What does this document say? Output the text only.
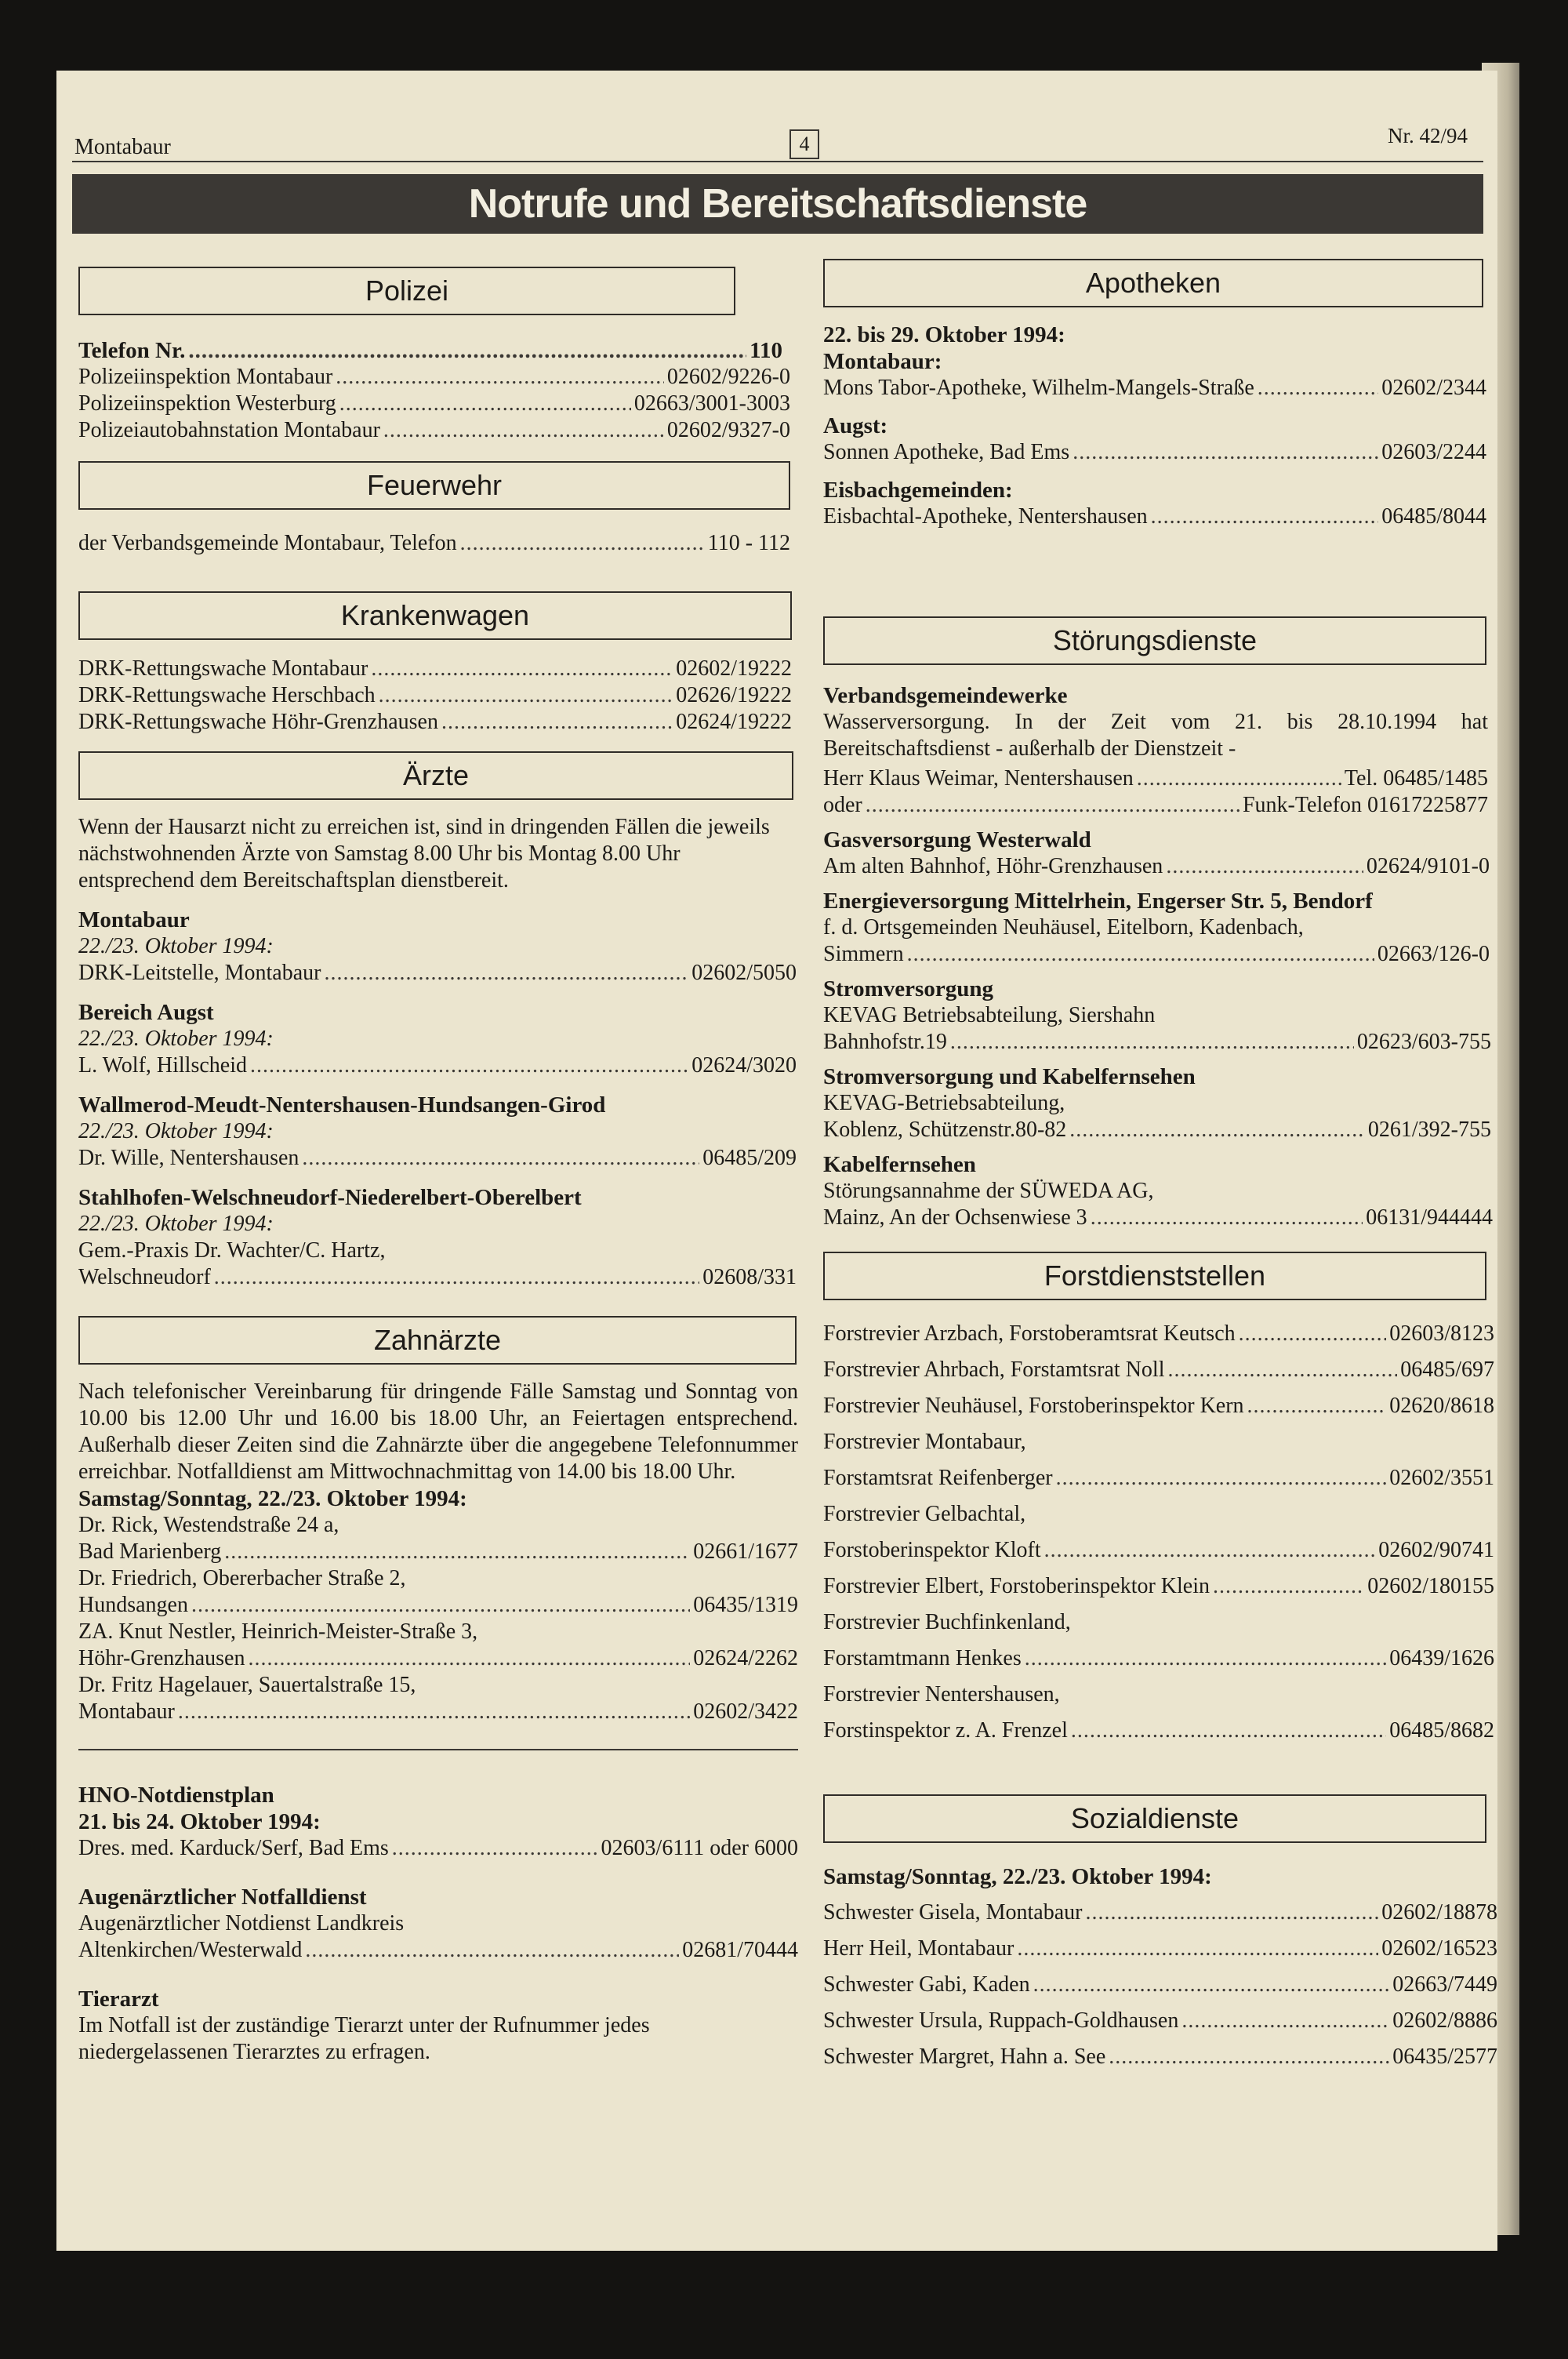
Montabaur	4	Nr. 42/94
Notrufe und Bereitschaftsdienste
Polizei
Telefon Nr. .....	110
Polizeiinspektion Montabaur .....	02602/9226-0
Polizeiinspektion Westerburg .....	02663/3001-3003
Polizeiautobahnstation Montabaur .....	02602/9327-0
Feuerwehr
der Verbandsgemeinde Montabaur, Telefon .....	110 - 112
Krankenwagen
DRK-Rettungswache Montabaur .....	02602/19222
DRK-Rettungswache Herschbach .....	02626/19222
DRK-Rettungswache Höhr-Grenzhausen .....	02624/19222
Ärzte
Wenn der Hausarzt nicht zu erreichen ist, sind in dringenden Fällen die jeweils nächstwohnenden Ärzte von Samstag 8.00 Uhr bis Montag 8.00 Uhr entsprechend dem Bereitschaftsplan dienstbereit.
Montabaur
22./23. Oktober 1994:
DRK-Leitstelle, Montabaur .....	02602/5050
Bereich Augst
22./23. Oktober 1994:
L. Wolf, Hillscheid .....	02624/3020
Wallmerod-Meudt-Nentershausen-Hundsangen-Girod
22./23. Oktober 1994:
Dr. Wille, Nentershausen .....	06485/209
Stahlhofen-Welschneudorf-Niederelbert-Oberelbert
22./23. Oktober 1994:
Gem.-Praxis Dr. Wachter/C. Hartz,
Welschneudorf .....	02608/331
Zahnärzte
Nach telefonischer Vereinbarung für dringende Fälle Samstag und Sonntag von 10.00 bis 12.00 Uhr und 16.00 bis 18.00 Uhr, an Feiertagen entsprechend. Außerhalb dieser Zeiten sind die Zahnärzte über die angegebene Telefonnummer erreichbar. Notfalldienst am Mittwochnachmittag von 14.00 bis 18.00 Uhr.
Samstag/Sonntag, 22./23. Oktober 1994:
Dr. Rick, Westendstraße 24 a,
Bad Marienberg .....	02661/1677
Dr. Friedrich, Obererbacher Straße 2,
Hundsangen .....	06435/1319
ZA. Knut Nestler, Heinrich-Meister-Straße 3,
Höhr-Grenzhausen .....	02624/2262
Dr. Fritz Hagelauer, Sauertalstraße 15,
Montabaur .....	02602/3422
HNO-Notdienstplan
21. bis 24. Oktober 1994:
Dres. med. Karduck/Serf, Bad Ems .....	02603/6111 oder 6000
Augenärztlicher Notfalldienst
Augenärztlicher Notdienst Landkreis
Altenkirchen/Westerwald .....	02681/70444
Tierarzt
Im Notfall ist der zuständige Tierarzt unter der Rufnummer jedes niedergelassenen Tierarztes zu erfragen.
Apotheken
22. bis 29. Oktober 1994:
Montabaur:
Mons Tabor-Apotheke, Wilhelm-Mangels-Straße .....	02602/2344
Augst:
Sonnen Apotheke, Bad Ems .....	02603/2244
Eisbachgemeinden:
Eisbachtal-Apotheke, Nentershausen .....	06485/8044
Störungsdienste
Verbandsgemeindewerke
Wasserversorgung. In der Zeit vom 21. bis 28.10.1994 hat Bereitschaftsdienst - außerhalb der Dienstzeit -
Herr Klaus Weimar, Nentershausen .....	Tel. 06485/1485
oder .....	Funk-Telefon 01617225877
Gasversorgung Westerwald
Am alten Bahnhof, Höhr-Grenzhausen .....	02624/9101-0
Energieversorgung Mittelrhein, Engerser Str. 5, Bendorf
f. d. Ortsgemeinden Neuhäusel, Eitelborn, Kadenbach,
Simmern .....	02663/126-0
Stromversorgung
KEVAG Betriebsabteilung, Siershahn
Bahnhofstr.19 .....	02623/603-755
Stromversorgung und Kabelfernsehen
KEVAG-Betriebsabteilung,
Koblenz, Schützenstr.80-82 .....	0261/392-755
Kabelfernsehen
Störungsannahme der SÜWEDA AG,
Mainz, An der Ochsenwiese 3 .....	06131/944444
Forstdienststellen
Forstrevier Arzbach, Forstoberamtsrat Keutsch .....	02603/8123
Forstrevier Ahrbach, Forstamtsrat Noll .....	06485/697
Forstrevier Neuhäusel, Forstoberinspektor Kern .....	02620/8618
Forstrevier Montabaur,
Forstamtsrat Reifenberger .....	02602/3551
Forstrevier Gelbachtal,
Forstoberinspektor Kloft .....	02602/90741
Forstrevier Elbert, Forstoberinspektor Klein .....	02602/180155
Forstrevier Buchfinkenland,
Forstamtmann Henkes .....	06439/1626
Forstrevier Nentershausen,
Forstinspektor z. A. Frenzel .....	06485/8682
Sozialdienste
Samstag/Sonntag, 22./23. Oktober 1994:
Schwester Gisela, Montabaur .....	02602/18878
Herr Heil, Montabaur .....	02602/16523
Schwester Gabi, Kaden .....	02663/7449
Schwester Ursula, Ruppach-Goldhausen .....	02602/8886
Schwester Margret, Hahn a. See .....	06435/2577
